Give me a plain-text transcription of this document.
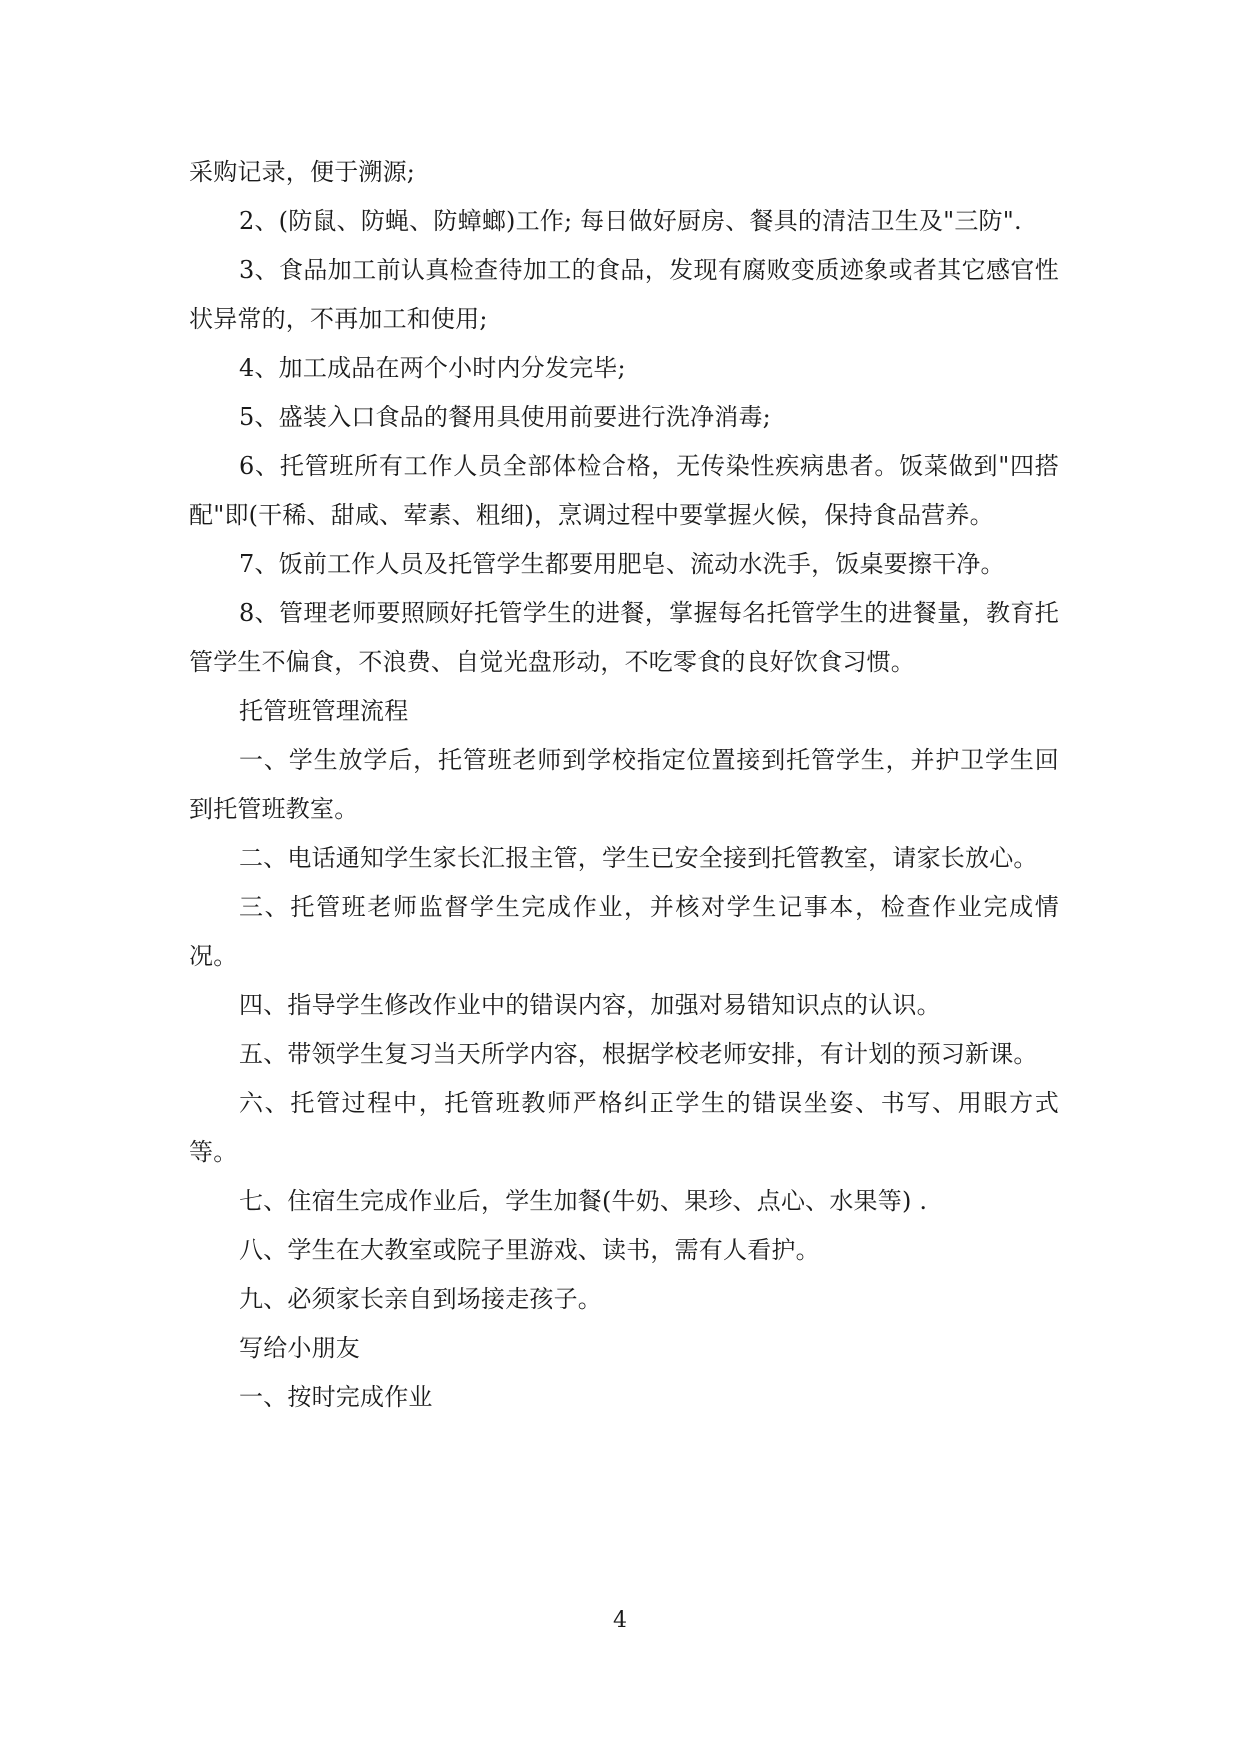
采购记录，便于溯源;

2、(防鼠、防蝇、防蟑螂)工作; 每日做好厨房、餐具的清洁卫生及"三防".

3、食品加工前认真检查待加工的食品，发现有腐败变质迹象或者其它感官性状异常的，不再加工和使用;

4、加工成品在两个小时内分发完毕;

5、盛装入口食品的餐用具使用前要进行洗净消毒;

6、托管班所有工作人员全部体检合格，无传染性疾病患者。饭菜做到"四搭配"即(干稀、甜咸、荤素、粗细)，烹调过程中要掌握火候，保持食品营养。

7、饭前工作人员及托管学生都要用肥皂、流动水洗手，饭桌要擦干净。

8、管理老师要照顾好托管学生的进餐，掌握每名托管学生的进餐量，教育托管学生不偏食，不浪费、自觉光盘形动，不吃零食的良好饮食习惯。

托管班管理流程

一、学生放学后，托管班老师到学校指定位置接到托管学生，并护卫学生回到托管班教室。

二、电话通知学生家长汇报主管，学生已安全接到托管教室，请家长放心。

三、托管班老师监督学生完成作业，并核对学生记事本，检查作业完成情况。

四、指导学生修改作业中的错误内容，加强对易错知识点的认识。

五、带领学生复习当天所学内容，根据学校老师安排，有计划的预习新课。

六、托管过程中，托管班教师严格纠正学生的错误坐姿、书写、用眼方式等。

七、住宿生完成作业后，学生加餐(牛奶、果珍、点心、水果等) .

八、学生在大教室或院子里游戏、读书，需有人看护。

九、必须家长亲自到场接走孩子。

写给小朋友

一、按时完成作业

4
